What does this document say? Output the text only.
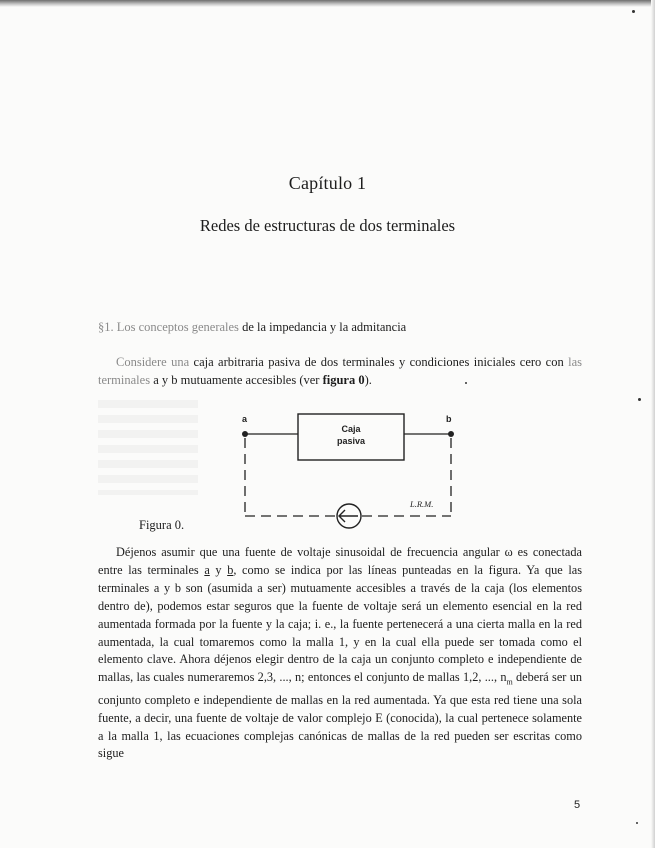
Capítulo 1
Redes de estructuras de dos terminales
§1. Los conceptos generales de la impedancia y la admitancia

Considere una caja arbitraria pasiva de dos terminales y condiciones iniciales cero con las terminales a y b mutuamente accesibles (ver figura 0).

a	b
Caja
pasiva
L.R.M.
Figura 0.

Déjenos asumir que una fuente de voltaje sinusoidal de frecuencia angular ω es conectada entre las terminales a y b, como se indica por las líneas punteadas en la figura. Ya que las terminales a y b son (asumida a ser) mutuamente accesibles a través de la caja (los elementos dentro de), podemos estar seguros que la fuente de voltaje será un elemento esencial en la red aumentada formada por la fuente y la caja; i. e., la fuente pertenecerá a una cierta malla en la red aumentada, la cual tomaremos como la malla 1, y en la cual ella puede ser tomada como el elemento clave. Ahora déjenos elegir dentro de la caja un conjunto completo e independiente de mallas, las cuales numeraremos 2,3, ..., n; entonces el conjunto de mallas 1,2, ..., $n_m$ deberá ser un conjunto completo e independiente de mallas en la red aumentada. Ya que esta red tiene una sola fuente, a decir, una fuente de voltaje de valor complejo E (conocida), la cual pertenece solamente a la malla 1, las ecuaciones complejas canónicas de mallas de la red pueden ser escritas como sigue

5
